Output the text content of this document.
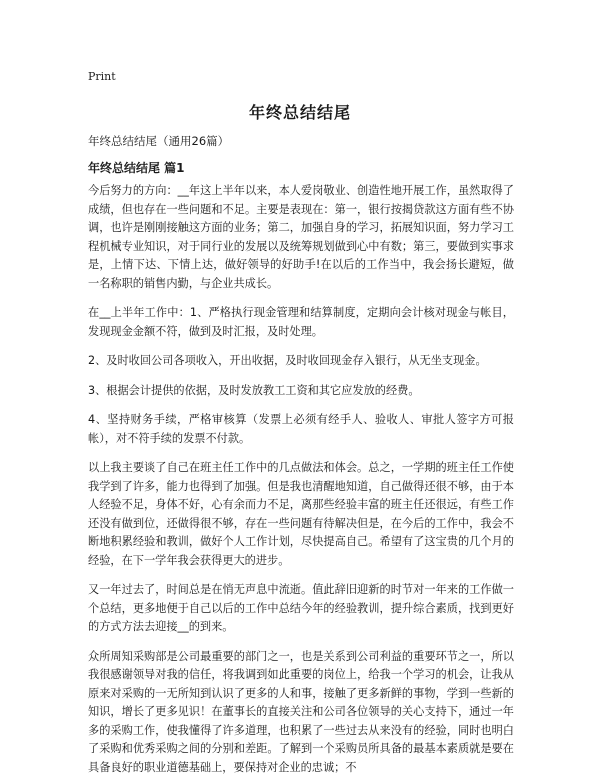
Print
年终总结结尾

年终总结结尾（通用26篇）

年终总结结尾 篇1

今后努力的方向：__年这上半年以来，本人爱岗敬业、创造性地开展工作，虽然取得了成绩，但也存在一些问题和不足。主要是表现在：第一，银行按揭贷款这方面有些不协调，也许是刚刚接触这方面的业务；第二，加强自身的学习，拓展知识面，努力学习工程机械专业知识，对于同行业的发展以及统筹规划做到心中有数；第三，要做到实事求是，上情下达、下情上达，做好领导的好助手!在以后的工作当中，我会扬长避短，做一名称职的销售内勤，与企业共成长。

在__上半年工作中：1、严格执行现金管理和结算制度，定期向会计核对现金与帐目，发现现金金额不符，做到及时汇报，及时处理。

2、及时收回公司各项收入，开出收据，及时收回现金存入银行，从无坐支现金。

3、根据会计提供的依据，及时发放教工工资和其它应发放的经费。

4、坚持财务手续，严格审核算（发票上必须有经手人、验收人、审批人签字方可报帐），对不符手续的发票不付款。

以上我主要谈了自己在班主任工作中的几点做法和体会。总之，一学期的班主任工作使我学到了许多，能力也得到了加强。但是我也清醒地知道，自己做得还很不够，由于本人经验不足，身体不好，心有余而力不足，离那些经验丰富的班主任还很远，有些工作还没有做到位，还做得很不够，存在一些问题有待解决但是，在今后的工作中，我会不断地积累经验和教训，做好个人工作计划，尽快提高自己。希望有了这宝贵的几个月的经验，在下一学年我会获得更大的进步。

又一年过去了，时间总是在悄无声息中流逝。值此辞旧迎新的时节对一年来的工作做一个总结，更多地便于自己以后的工作中总结今年的经验教训，提升综合素质，找到更好的方式方法去迎接__的到来。

众所周知采购部是公司最重要的部门之一，也是关系到公司利益的重要环节之一，所以我很感谢领导对我的信任，将我调到如此重要的岗位上，给我一个学习的机会，让我从原来对采购的一无所知到认识了更多的人和事，接触了更多新鲜的事物，学到一些新的知识，增长了更多见识！在董事长的直接关注和公司各位领导的关心支持下，通过一年多的采购工作，使我懂得了许多道理，也积累了一些过去从来没有的经验，同时也明白了采购和优秀采购之间的分别和差距。了解到一个采购员所具备的最基本素质就是要在具备良好的职业道德基础上，要保持对企业的忠诚；不
